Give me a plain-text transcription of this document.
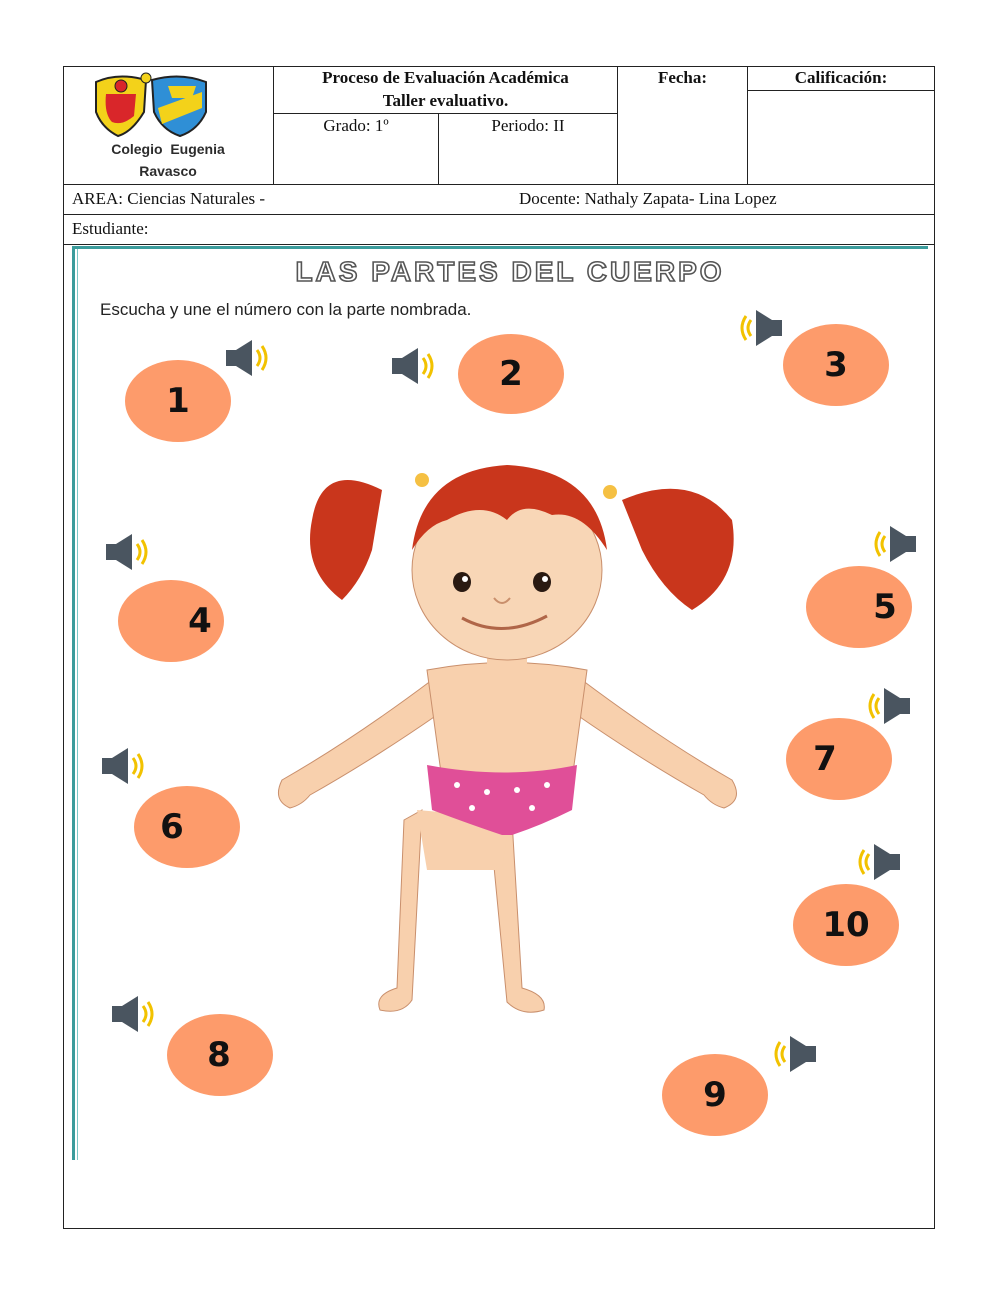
Colegio  Eugenia
Ravasco
Proceso de Evaluación Académica
Taller evaluativo.
Grado: 1º	Periodo: II
Fecha:	Calificación:
AREA: Ciencias Naturales -	Docente: Nathaly Zapata- Lina Lopez
Estudiante:
LAS PARTES DEL CUERPO
Escucha y une el número con la parte nombrada.
1
2	3
4	5
6
7
8
9
10
